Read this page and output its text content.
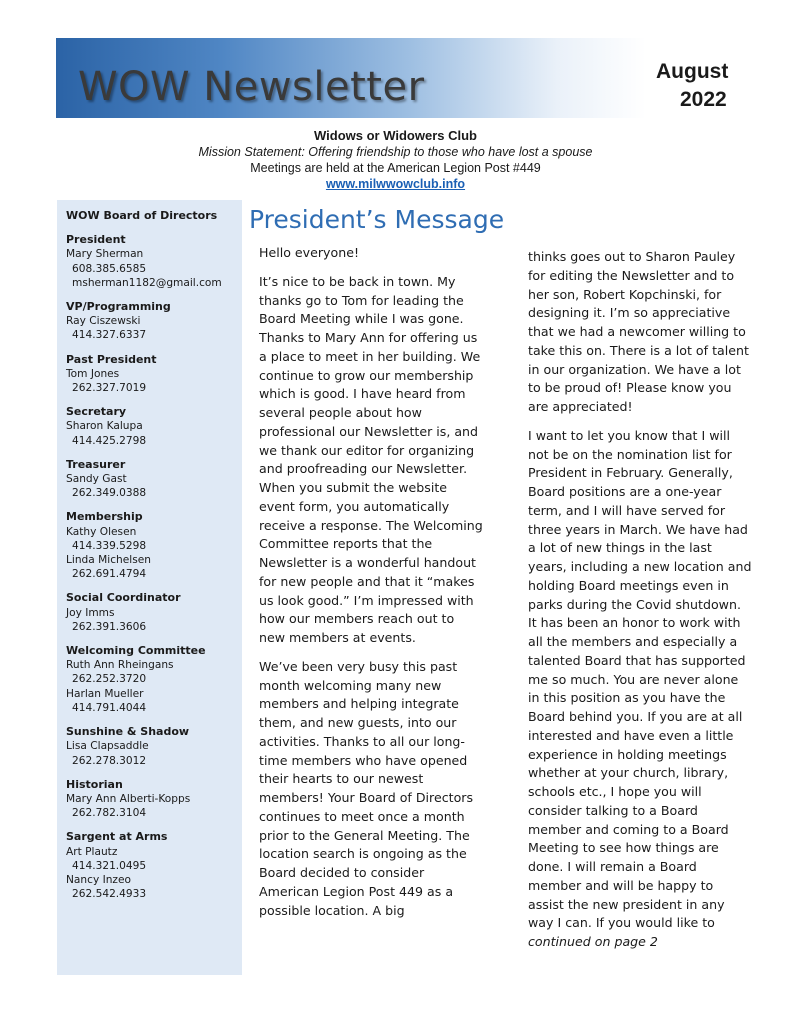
WOW Newsletter	August
2022
Widows or Widowers Club
Mission Statement: Offering friendship to those who have lost a spouse
Meetings are held at the American Legion Post #449
www.milwwowclub.info
WOW Board of Directors
President
Mary Sherman
608.385.6585
msherman1182@gmail.com
VP/Programming
Ray Ciszewski
414.327.6337
Past President
Tom Jones
262.327.7019
Secretary
Sharon Kalupa
414.425.2798
Treasurer
Sandy Gast
262.349.0388
Membership
Kathy Olesen
414.339.5298
Linda Michelsen
262.691.4794
Social Coordinator
Joy Imms
262.391.3606
Welcoming Committee
Ruth Ann Rheingans
262.252.3720
Harlan Mueller
414.791.4044
Sunshine & Shadow
Lisa Clapsaddle
262.278.3012
Historian
Mary Ann Alberti-Kopps
262.782.3104
Sargent at Arms
Art Plautz
414.321.0495
Nancy Inzeo
262.542.4933
President’s Message

Hello everyone!

It’s nice to be back in town. My thanks go to Tom for leading the Board Meeting while I was gone. Thanks to Mary Ann for offering us a place to meet in her building. We continue to grow our membership which is good. I have heard from several people about how professional our Newsletter is, and we thank our editor for organizing and proofreading our Newsletter. When you submit the website event form, you automatically receive a response. The Welcoming Committee reports that the Newsletter is a wonderful handout for new people and that it “makes us look good.” I’m impressed with how our members reach out to new members at events.

We’ve been very busy this past month welcoming many new members and helping integrate them, and new guests, into our activities. Thanks to all our long-time members who have opened their hearts to our newest members! Your Board of Directors continues to meet once a month prior to the General Meeting. The location search is ongoing as the Board decided to consider American Legion Post 449 as a possible location. A big

thinks goes out to Sharon Pauley for editing the Newsletter and to her son, Robert Kopchinski, for designing it. I’m so appreciative that we had a newcomer willing to take this on. There is a lot of talent in our organization. We have a lot to be proud of! Please know you are appreciated!

I want to let you know that I will not be on the nomination list for President in February. Generally, Board positions are a one-year term, and I will have served for three years in March. We have had a lot of new things in the last years, including a new location and holding Board meetings even in parks during the Covid shutdown. It has been an honor to work with all the members and especially a talented Board that has supported me so much. You are never alone in this position as you have the Board behind you. If you are at all interested and have even a little experience in holding meetings whether at your church, library, schools etc., I hope you will consider talking to a Board member and coming to a Board Meeting to see how things are done. I will remain a Board member and will be happy to assist the new president in any way I can. If you would like to continued on page 2
